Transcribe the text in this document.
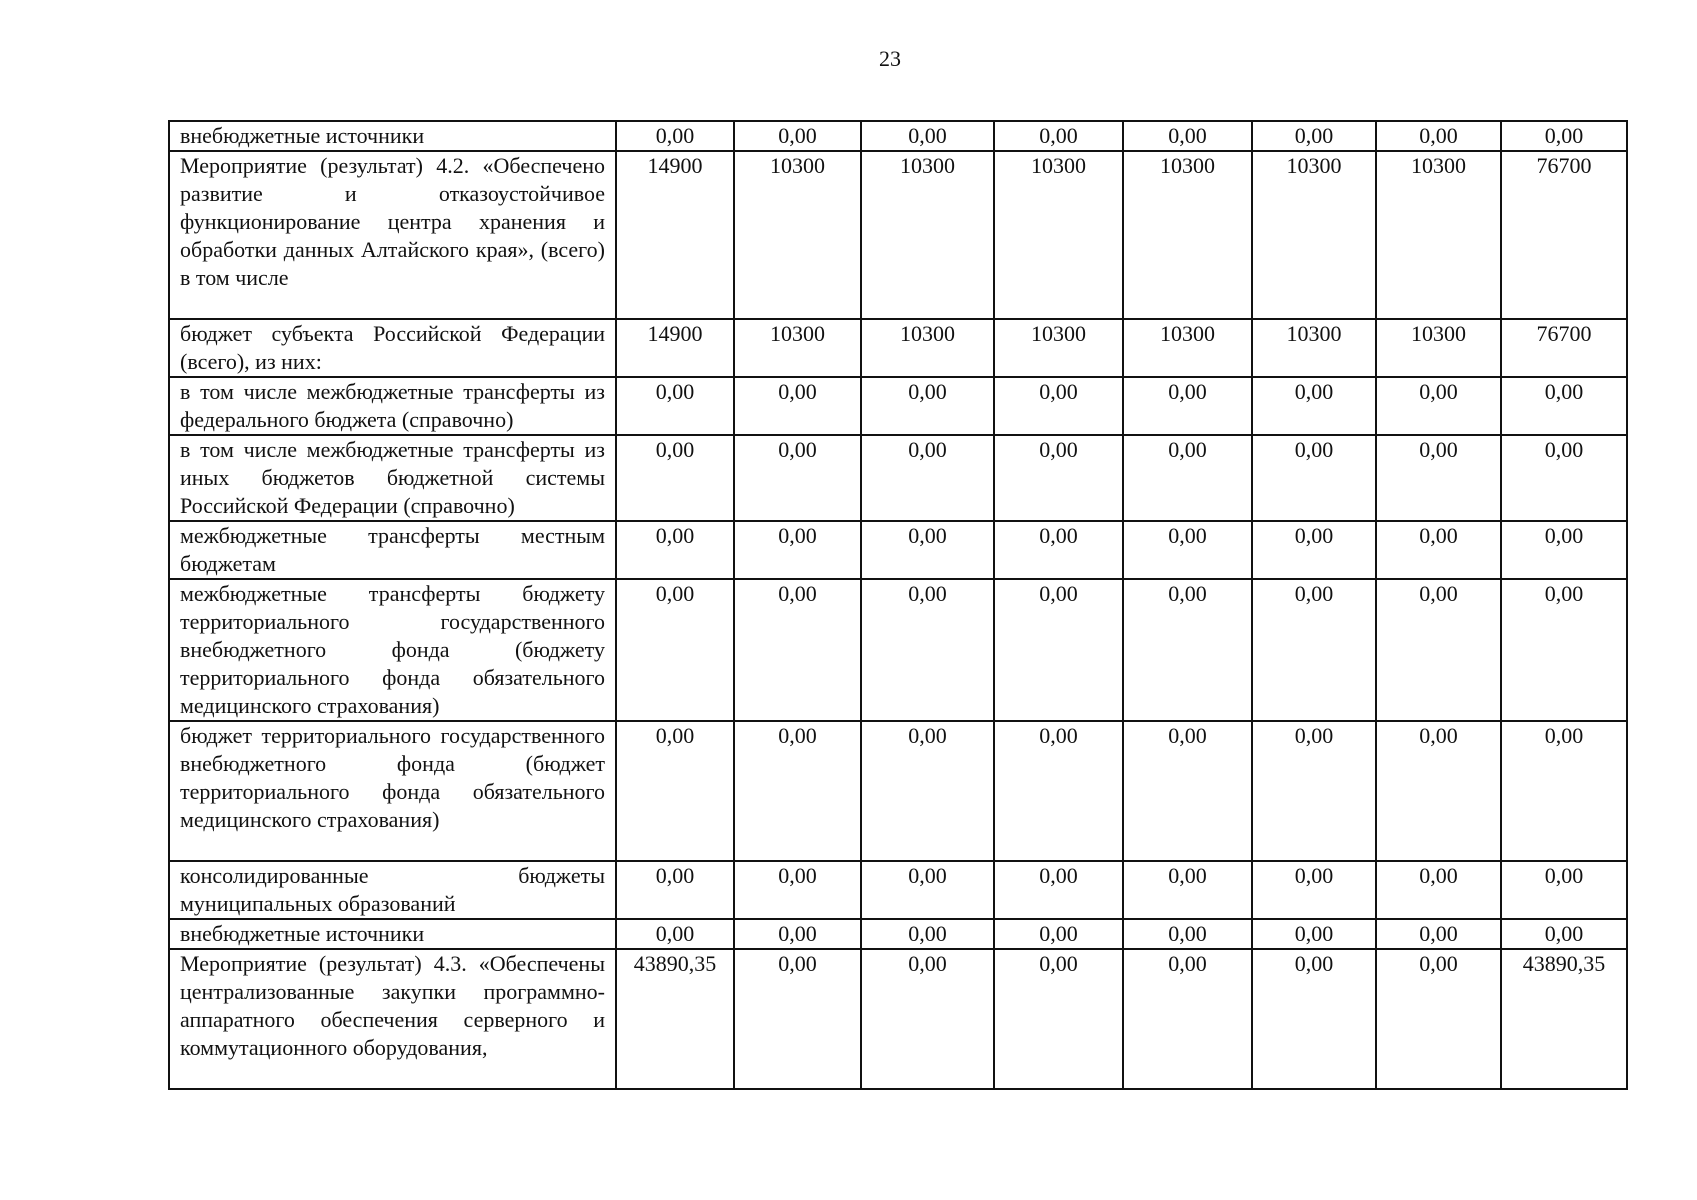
23
внебюджетные источники	0,00	0,00	0,00	0,00	0,00	0,00	0,00	0,00

Мероприятие (результат) 4.2. «Обеспечено развитие и отказоустойчивое функционирование центра хранения и обработки данных Алтайского края», (всего) в том числе	14900	10300	10300	10300	10300	10300	10300	76700

бюджет субъекта Российской Федерации (всего), из них:	14900	10300	10300	10300	10300	10300	10300	76700

в том числе межбюджетные трансферты из федерального бюджета (справочно)	0,00	0,00	0,00	0,00	0,00	0,00	0,00	0,00

в том числе межбюджетные трансферты из иных бюджетов бюджетной системы Российской Федерации (справочно)	0,00	0,00	0,00	0,00	0,00	0,00	0,00	0,00

межбюджетные трансферты местным бюджетам	0,00	0,00	0,00	0,00	0,00	0,00	0,00	0,00

межбюджетные трансферты бюджету территориального государственного внебюджетного фонда (бюджету территориального фонда обязательного медицинского страхования)	0,00	0,00	0,00	0,00	0,00	0,00	0,00	0,00

бюджет территориального государственного внебюджетного фонда (бюджет территориального фонда обязательного медицинского страхования)	0,00	0,00	0,00	0,00	0,00	0,00	0,00	0,00

консолидированные бюджеты муниципальных образований	0,00	0,00	0,00	0,00	0,00	0,00	0,00	0,00

внебюджетные источники	0,00	0,00	0,00	0,00	0,00	0,00	0,00	0,00

Мероприятие (результат) 4.3. «Обеспечены централизованные закупки программно-аппаратного обеспечения серверного и коммутационного оборудования,	43890,35	0,00	0,00	0,00	0,00	0,00	0,00	43890,35
